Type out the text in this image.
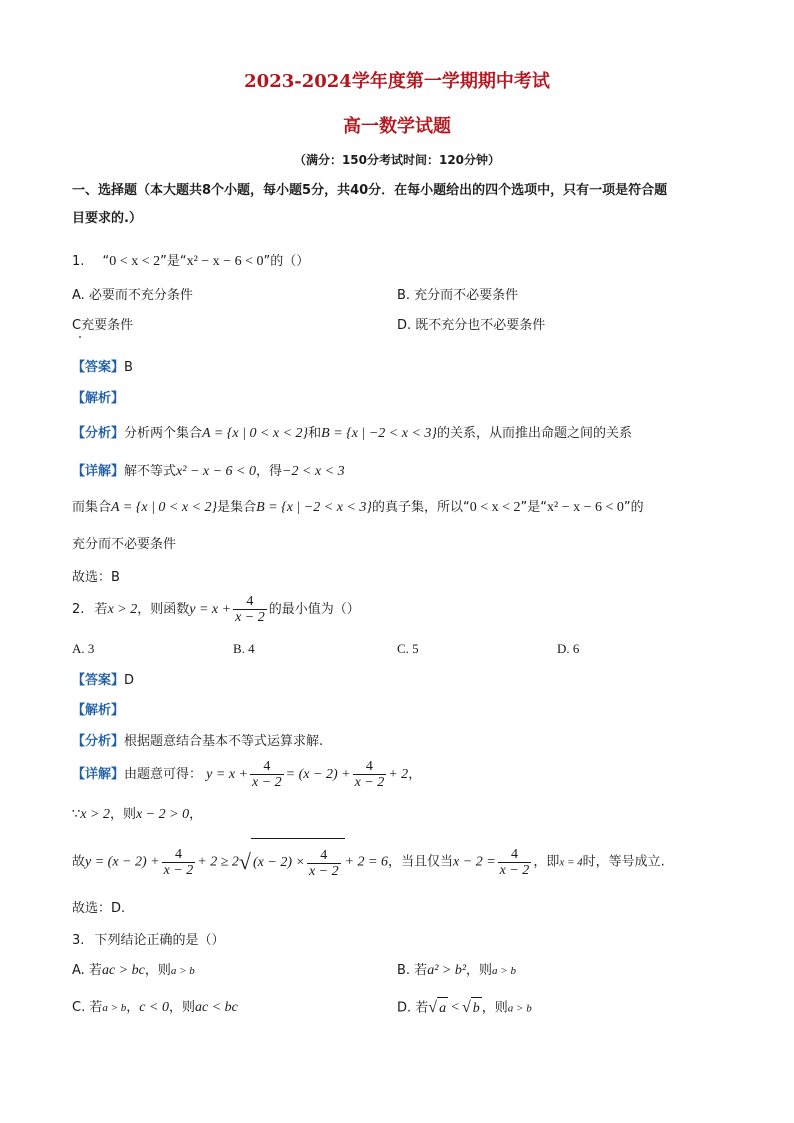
2023-2024学年度第一学期期中考试
高一数学试题
（满分：150分考试时间：120分钟）
一、选择题（本大题共8个小题，每小题5分，共40分．在每小题给出的四个选项中，只有一项是符合题
目要求的.）
1. “0 < x < 2”是“x² − x − 6 < 0”的（）
A. 必要而不充分条件	B. 充分而不必要条件
C充要条件	D. 既不充分也不必要条件
【答案】B
【解析】
【分析】分析两个集合A = {x | 0 < x < 2}和B = {x | −2 < x < 3}的关系，从而推出命题之间的关系
【详解】解不等式x² − x − 6 < 0，得−2 < x < 3
而集合A = {x | 0 < x < 2}是集合B = {x | −2 < x < 3}的真子集，所以“0 < x < 2”是“x² − x − 6 < 0”的
充分而不必要条件
故选：B
2. 若x > 2，则函数$y = x + \frac{4}{x - 2}$ 的最小值为（）
A. 3	B. 4	C. 5	D. 6
【答案】D
【解析】
【分析】根据题意结合基本不等式运算求解.
【详解】由题意可得： $y = x + \frac{4}{x - 2} = (x - 2) + \frac{4}{x - 2} + 2$，
∵x > 2，则x − 2 > 0，
故$y = (x - 2) + \frac{4}{x - 2} + 2 \ge 2√$ $(x - 2) \times \frac{4}{x - 2} + 2 = 6$，当且仅当$x - 2 = \frac{4}{x - 2}$ ，即x = 4时，等号成立.
故选：D.
3. 下列结论正确的是（）
A. 若ac > bc，则a > b	B. 若a² > b²，则a > b
C. 若a > b，c < 0，则ac < bc	D. 若√ a < √ b ，则a > b
